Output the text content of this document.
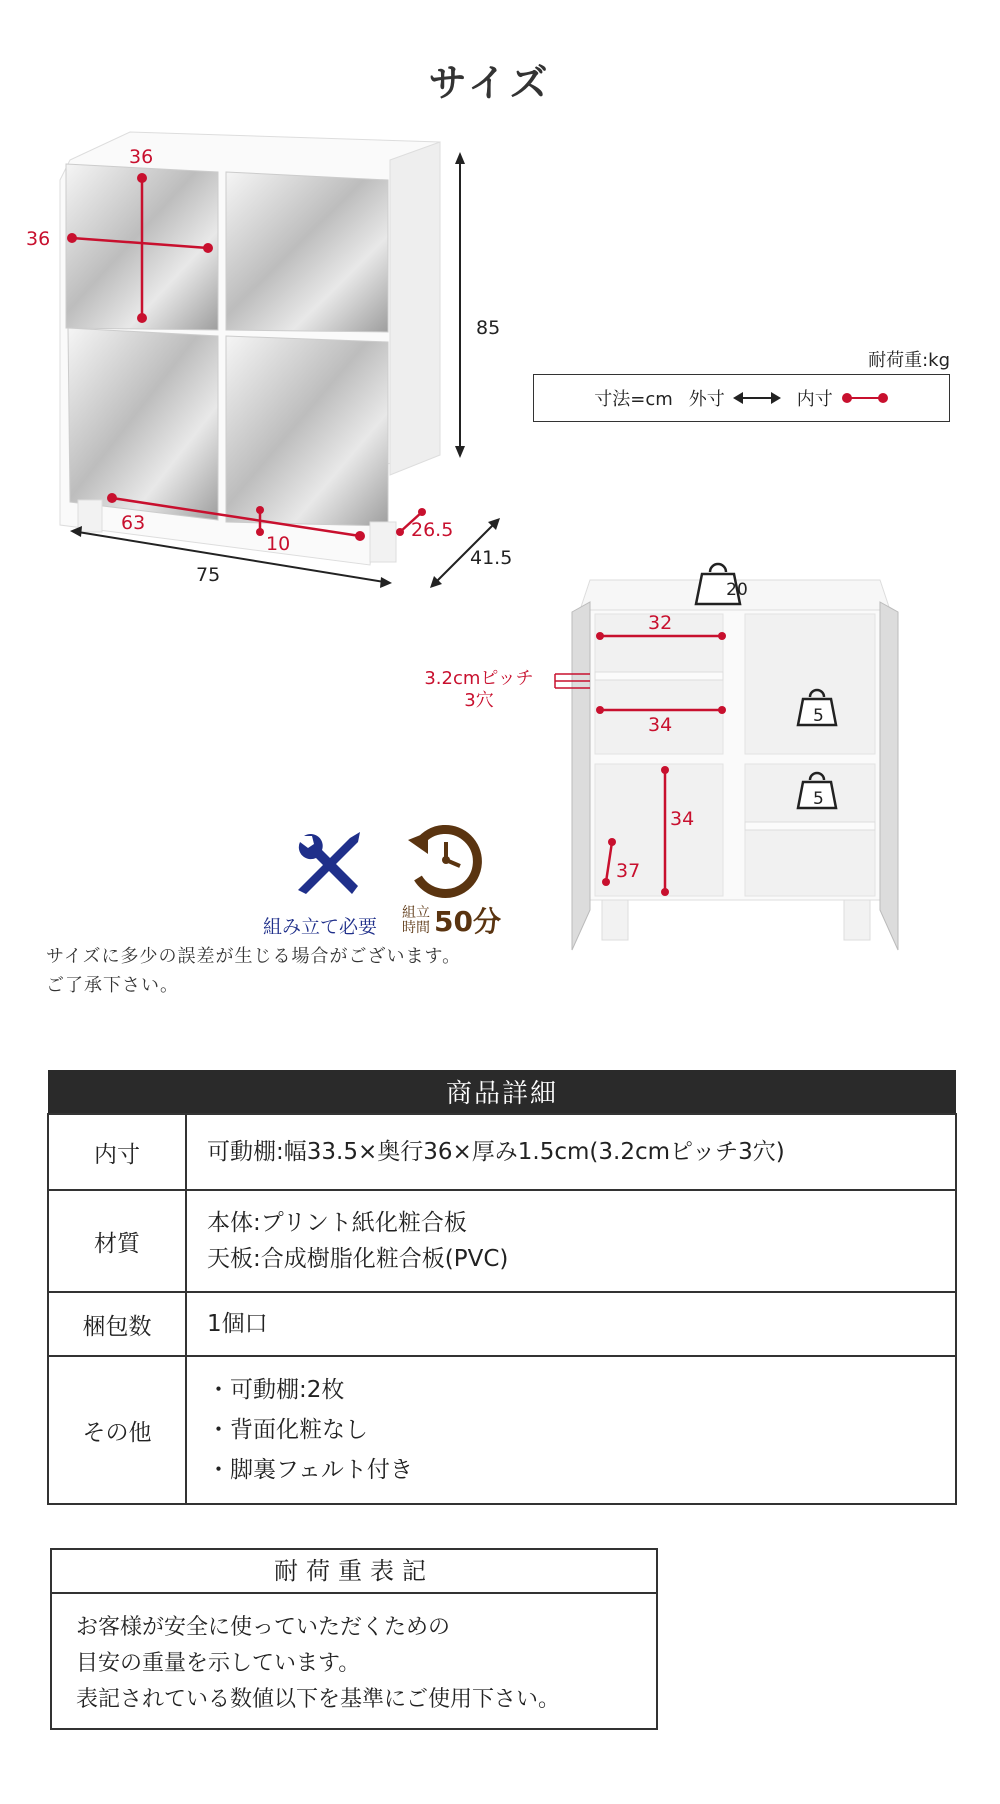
サイズ
36
36
85
75
41.5
63
10
26.5
耐荷重:kg
寸法=cm 外寸	内寸
20
5
5
3.2cmピッチ
3穴
32
34
34
37
組み立て必要
組立
時間 50分
サイズに多少の誤差が生じる場合がございます。
ご了承下さい。
商品詳細	
内寸	可動棚:幅33.5×奥行36×厚み1.5cm(3.2cmピッチ3穴)

材質	本体:プリント紙化粧合板
天板:合成樹脂化粧合板(PVC)

梱包数	1個口

その他	・可動棚:2枚
・背面化粧なし
・脚裏フェルト付き
耐荷重表記
お客様が安全に使っていただくための
目安の重量を示しています。
表記されている数値以下を基準にご使用下さい。
